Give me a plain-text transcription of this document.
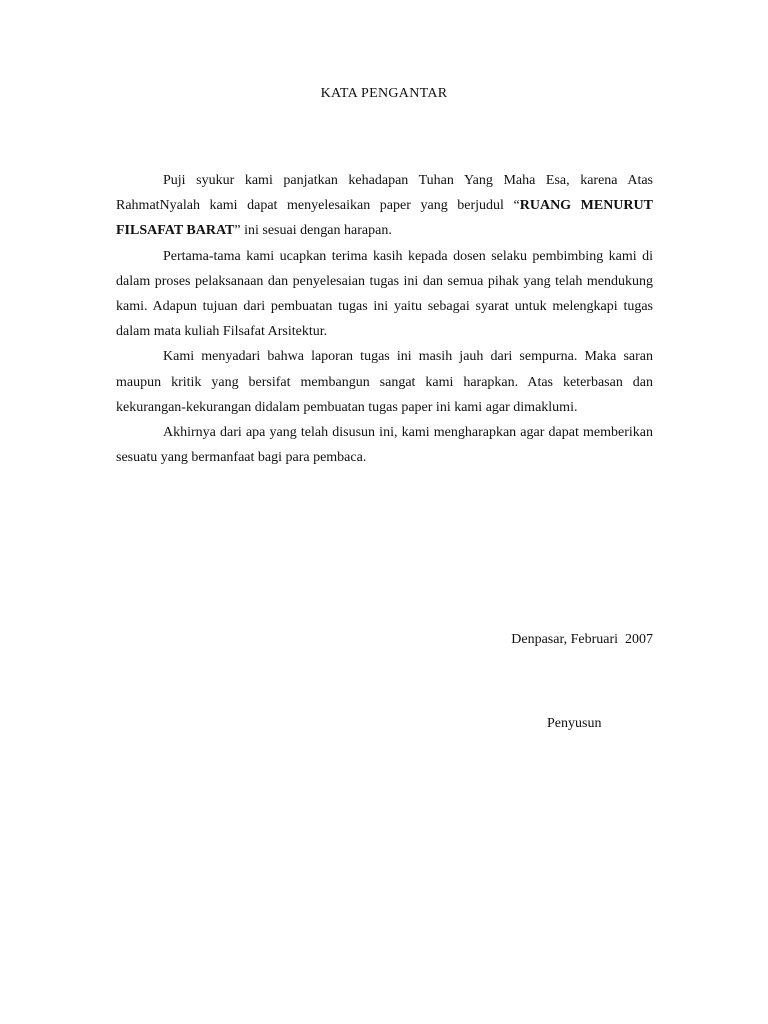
KATA PENGANTAR

Puji syukur kami panjatkan kehadapan Tuhan Yang Maha Esa, karena Atas RahmatNyalah kami dapat menyelesaikan paper yang berjudul “RUANG MENURUT FILSAFAT BARAT” ini sesuai dengan harapan.

Pertama-tama kami ucapkan terima kasih kepada dosen selaku pembimbing kami di dalam proses pelaksanaan dan penyelesaian tugas ini dan semua pihak yang telah mendukung kami. Adapun tujuan dari pembuatan tugas ini yaitu sebagai syarat untuk melengkapi tugas dalam mata kuliah Filsafat Arsitektur.

Kami menyadari bahwa laporan tugas ini masih jauh dari sempurna. Maka saran maupun kritik yang bersifat membangun sangat kami harapkan. Atas keterbasan dan kekurangan-kekurangan didalam pembuatan tugas paper ini kami agar dimaklumi.

Akhirnya dari apa yang telah disusun ini, kami mengharapkan agar dapat memberikan sesuatu yang bermanfaat bagi para pembaca.

Denpasar, Februari  2007

Penyusun
